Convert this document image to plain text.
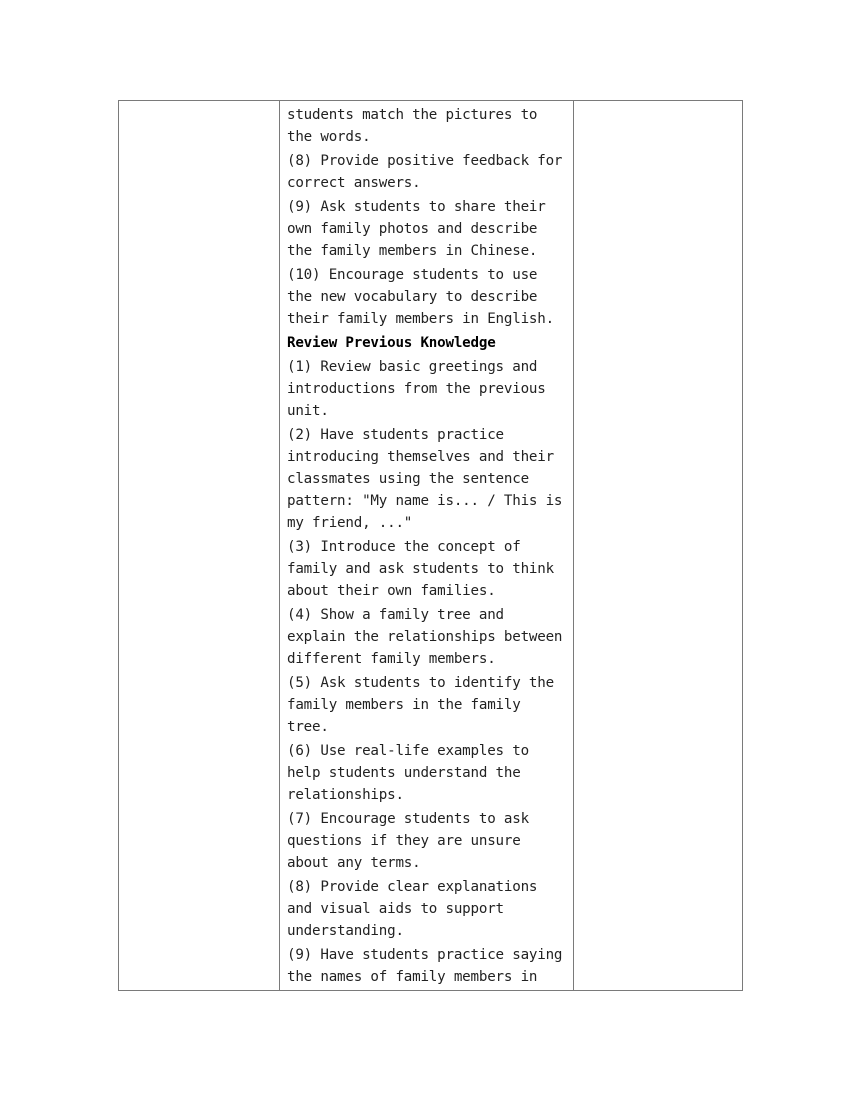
students match the pictures to the words.

(8) Provide positive feedback for correct answers.

(9) Ask students to share their own family photos and describe the family members in Chinese.

(10) Encourage students to use the new vocabulary to describe their family members in English.

Review Previous Knowledge

(1) Review basic greetings and introductions from the previous unit.

(2) Have students practice introducing themselves and their classmates using the sentence pattern: "My name is... / This is my friend, ..."

(3) Introduce the concept of family and ask students to think about their own families.

(4) Show a family tree and explain the relationships between different family members.

(5) Ask students to identify the family members in the family tree.

(6) Use real-life examples to help students understand the relationships.

(7) Encourage students to ask questions if they are unsure about any terms.

(8) Provide clear explanations and visual aids to support understanding.

(9) Have students practice saying the names of family members in
